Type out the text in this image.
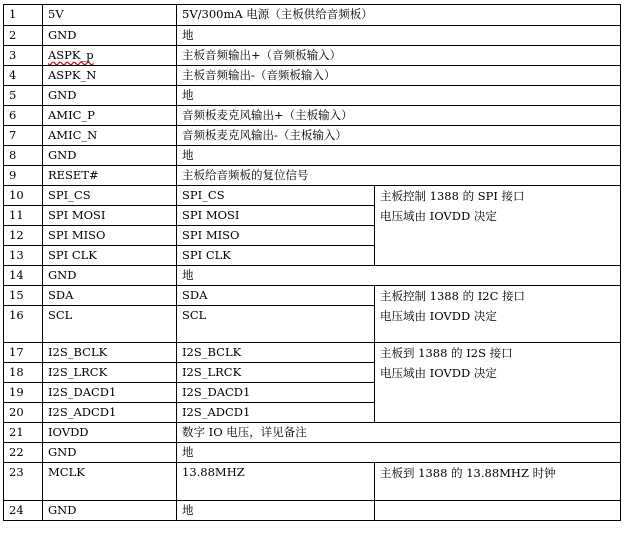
1	5V	5V/300mA 电源（主板供给音频板）	
2	GND	地	
3	ASPK_p	主板音频输出+（音频板输入）	
4	ASPK_N	主板音频输出-（音频板输入）	
5	GND	地	
6	AMIC_P	音频板麦克风输出+（主板输入）	
7	AMIC_N	音频板麦克风输出-（主板输入）	
8	GND	地	
9	RESET#	主板给音频板的复位信号	
10	SPI_CS	SPI_CS	主板控制 1388 的 SPI 接口
电压域由 IOVDD 决定

11	SPI MOSI	SPI MOSI	
12	SPI MISO	SPI MISO	
13	SPI CLK	SPI CLK	
14	GND	地	
15	SDA	SDA	主板控制 1388 的 I2C 接口
电压域由 IOVDD 决定

16	SCL	SCL	
17	I2S_BCLK	I2S_BCLK	主板到 1388 的 I2S 接口
电压域由 IOVDD 决定

18	I2S_LRCK	I2S_LRCK	
19	I2S_DACD1	I2S_DACD1	
20	I2S_ADCD1	I2S_ADCD1	
21	IOVDD	数字 IO 电压，详见备注	
22	GND	地	
23	MCLK	13.88MHZ	主板到 1388 的 13.88MHZ 时钟

24	GND	地	
